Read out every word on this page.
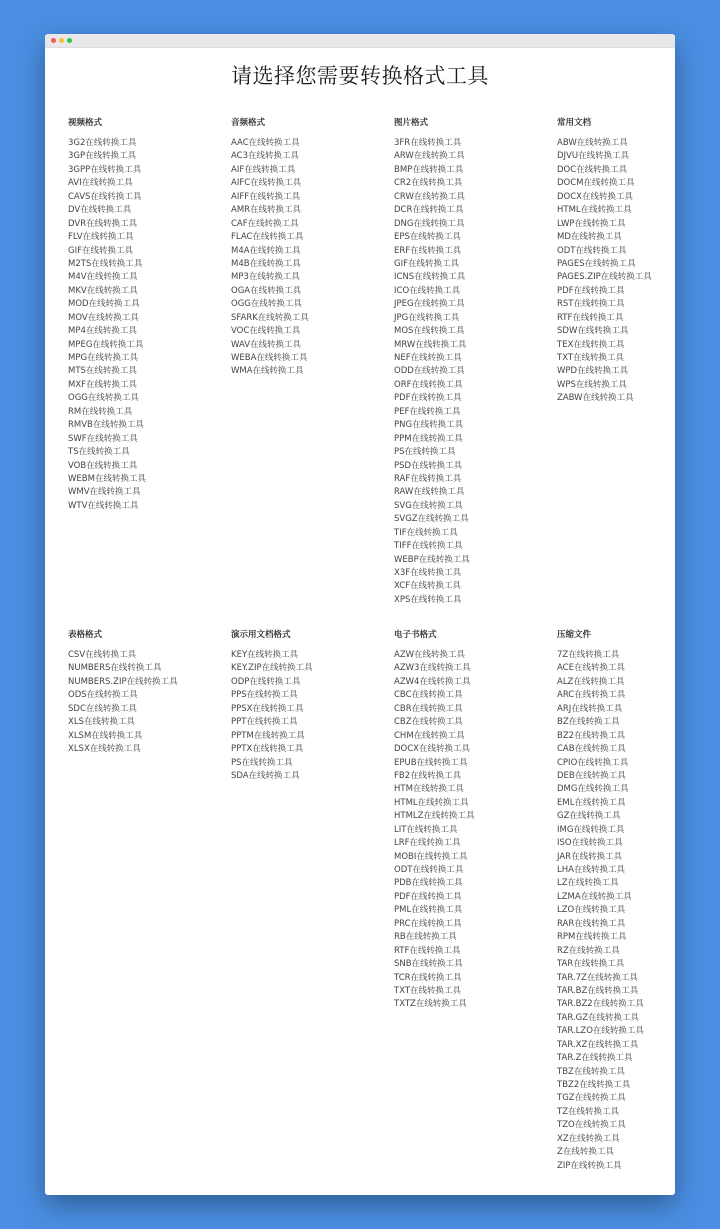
请选择您需要转换格式工具
视频格式
3G2在线转换工具
3GP在线转换工具
3GPP在线转换工具
AVI在线转换工具
CAVS在线转换工具
DV在线转换工具
DVR在线转换工具
FLV在线转换工具
GIF在线转换工具
M2TS在线转换工具
M4V在线转换工具
MKV在线转换工具
MOD在线转换工具
MOV在线转换工具
MP4在线转换工具
MPEG在线转换工具
MPG在线转换工具
MTS在线转换工具
MXF在线转换工具
OGG在线转换工具
RM在线转换工具
RMVB在线转换工具
SWF在线转换工具
TS在线转换工具
VOB在线转换工具
WEBM在线转换工具
WMV在线转换工具
WTV在线转换工具
音频格式
AAC在线转换工具
AC3在线转换工具
AIF在线转换工具
AIFC在线转换工具
AIFF在线转换工具
AMR在线转换工具
CAF在线转换工具
FLAC在线转换工具
M4A在线转换工具
M4B在线转换工具
MP3在线转换工具
OGA在线转换工具
OGG在线转换工具
SFARK在线转换工具
VOC在线转换工具
WAV在线转换工具
WEBA在线转换工具
WMA在线转换工具
图片格式
3FR在线转换工具
ARW在线转换工具
BMP在线转换工具
CR2在线转换工具
CRW在线转换工具
DCR在线转换工具
DNG在线转换工具
EPS在线转换工具
ERF在线转换工具
GIF在线转换工具
ICNS在线转换工具
ICO在线转换工具
JPEG在线转换工具
JPG在线转换工具
MOS在线转换工具
MRW在线转换工具
NEF在线转换工具
ODD在线转换工具
ORF在线转换工具
PDF在线转换工具
PEF在线转换工具
PNG在线转换工具
PPM在线转换工具
PS在线转换工具
PSD在线转换工具
RAF在线转换工具
RAW在线转换工具
SVG在线转换工具
SVGZ在线转换工具
TIF在线转换工具
TIFF在线转换工具
WEBP在线转换工具
X3F在线转换工具
XCF在线转换工具
XPS在线转换工具
常用文档
ABW在线转换工具
DJVU在线转换工具
DOC在线转换工具
DOCM在线转换工具
DOCX在线转换工具
HTML在线转换工具
LWP在线转换工具
MD在线转换工具
ODT在线转换工具
PAGES在线转换工具
PAGES.ZIP在线转换工具
PDF在线转换工具
RST在线转换工具
RTF在线转换工具
SDW在线转换工具
TEX在线转换工具
TXT在线转换工具
WPD在线转换工具
WPS在线转换工具
ZABW在线转换工具
表格格式
CSV在线转换工具
NUMBERS在线转换工具
NUMBERS.ZIP在线转换工具
ODS在线转换工具
SDC在线转换工具
XLS在线转换工具
XLSM在线转换工具
XLSX在线转换工具
演示用文档格式
KEY在线转换工具
KEY.ZIP在线转换工具
ODP在线转换工具
PPS在线转换工具
PPSX在线转换工具
PPT在线转换工具
PPTM在线转换工具
PPTX在线转换工具
PS在线转换工具
SDA在线转换工具
电子书格式
AZW在线转换工具
AZW3在线转换工具
AZW4在线转换工具
CBC在线转换工具
CBR在线转换工具
CBZ在线转换工具
CHM在线转换工具
DOCX在线转换工具
EPUB在线转换工具
FB2在线转换工具
HTM在线转换工具
HTML在线转换工具
HTMLZ在线转换工具
LIT在线转换工具
LRF在线转换工具
MOBI在线转换工具
ODT在线转换工具
PDB在线转换工具
PDF在线转换工具
PML在线转换工具
PRC在线转换工具
RB在线转换工具
RTF在线转换工具
SNB在线转换工具
TCR在线转换工具
TXT在线转换工具
TXTZ在线转换工具
压缩文件
7Z在线转换工具
ACE在线转换工具
ALZ在线转换工具
ARC在线转换工具
ARJ在线转换工具
BZ在线转换工具
BZ2在线转换工具
CAB在线转换工具
CPIO在线转换工具
DEB在线转换工具
DMG在线转换工具
EML在线转换工具
GZ在线转换工具
IMG在线转换工具
ISO在线转换工具
JAR在线转换工具
LHA在线转换工具
LZ在线转换工具
LZMA在线转换工具
LZO在线转换工具
RAR在线转换工具
RPM在线转换工具
RZ在线转换工具
TAR在线转换工具
TAR.7Z在线转换工具
TAR.BZ在线转换工具
TAR.BZ2在线转换工具
TAR.GZ在线转换工具
TAR.LZO在线转换工具
TAR.XZ在线转换工具
TAR.Z在线转换工具
TBZ在线转换工具
TBZ2在线转换工具
TGZ在线转换工具
TZ在线转换工具
TZO在线转换工具
XZ在线转换工具
Z在线转换工具
ZIP在线转换工具
